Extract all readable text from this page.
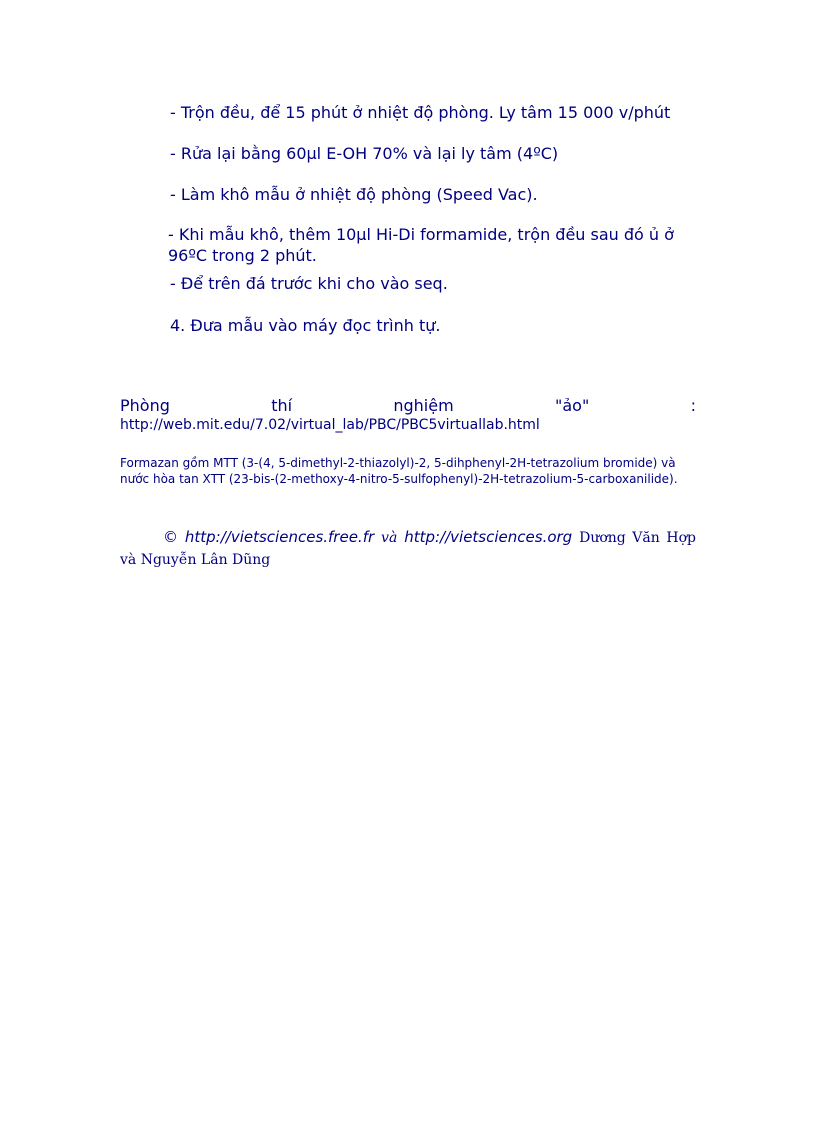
- Trộn đều, để 15 phút ở nhiệt độ phòng. Ly tâm 15 000 v/phút
- Rửa lại bằng 60µl E-OH 70% và lại ly tâm (4ºC)
- Làm khô mẫu ở nhiệt độ phòng (Speed Vac).
- Khi mẫu khô, thêm 10µl Hi-Di formamide, trộn đều sau đó ủ ở 96ºC trong 2 phút.
- Để trên đá trước khi cho vào seq.
4. Đưa mẫu vào máy đọc trình tự.
Phòng thí nghiệm "ảo" :
http://web.mit.edu/7.02/virtual_lab/PBC/PBC5virtuallab.html
Formazan gồm MTT (3-(4, 5-dimethyl-2-thiazolyl)-2, 5-dihphenyl-2H-tetrazolium bromide) và nước hòa tan XTT (23-bis-(2-methoxy-4-nitro-5-sulfophenyl)-2H-tetrazolium-5-carboxanilide).
© http://vietsciences.free.fr và http://vietsciences.org Dương Văn Hợp và Nguyễn Lân Dũng
